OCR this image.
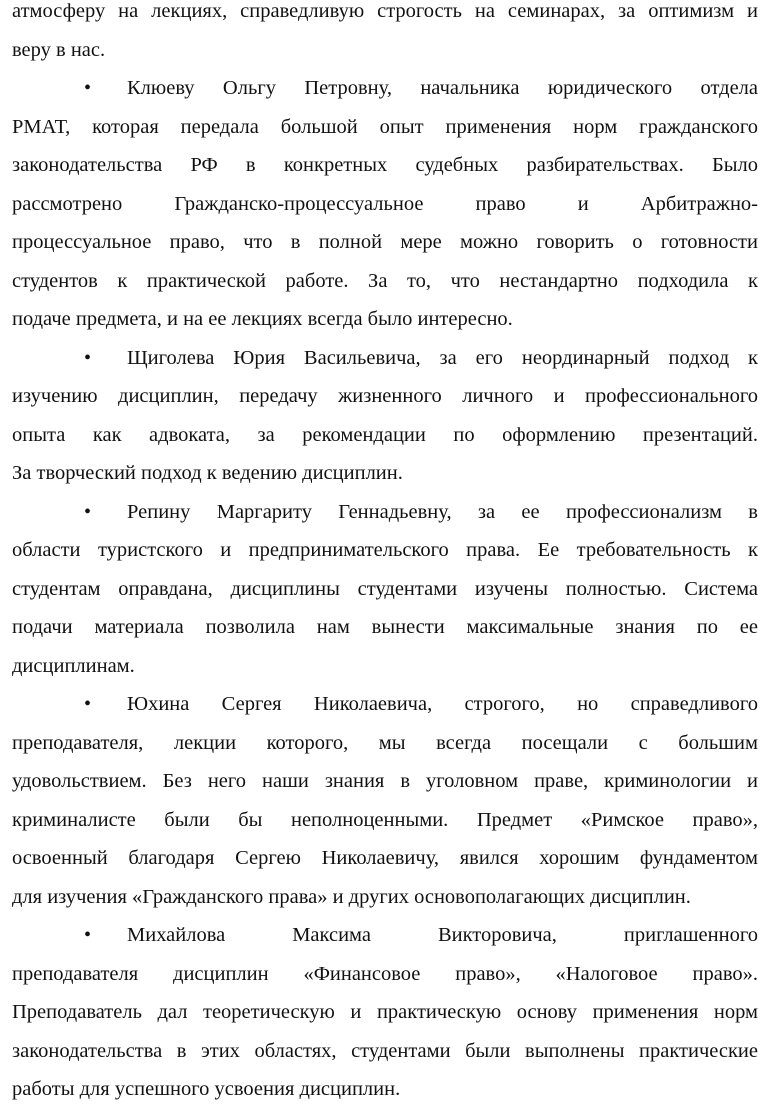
атмосферу на лекциях, справедливую строгость на семинарах, за оптимизм и
веру в нас.
• Клюеву Ольгу Петровну, начальника юридического отдела
РМАТ, которая передала большой опыт применения норм гражданского
законодательства РФ в конкретных судебных разбирательствах. Было
рассмотрено Гражданско-процессуальное право и Арбитражно-
процессуальное право, что в полной мере можно говорить о готовности
студентов к практической работе. За то, что нестандартно подходила к
подаче предмета, и на ее лекциях всегда было интересно.
• Щиголева Юрия Васильевича, за его неординарный подход к
изучению дисциплин, передачу жизненного личного и профессионального
опыта как адвоката, за рекомендации по оформлению презентаций.
За творческий подход к ведению дисциплин.
• Репину Маргариту Геннадьевну, за ее профессионализм в
области туристского и предпринимательского права. Ее требовательность к
студентам оправдана, дисциплины студентами изучены полностью. Система
подачи материала позволила нам вынести максимальные знания по ее
дисциплинам.
• Юхина Сергея Николаевича, строгого, но справедливого
преподавателя, лекции которого, мы всегда посещали с большим
удовольствием. Без него наши знания в уголовном праве, криминологии и
криминалисте были бы неполноценными. Предмет «Римское право»,
освоенный благодаря Сергею Николаевичу, явился хорошим фундаментом
для изучения «Гражданского права» и других основополагающих дисциплин.
• Михайлова Максима Викторовича, приглашенного
преподавателя дисциплин «Финансовое право», «Налоговое право».
Преподаватель дал теоретическую и практическую основу применения норм
законодательства в этих областях, студентами были выполнены практические
работы для успешного усвоения дисциплин.
